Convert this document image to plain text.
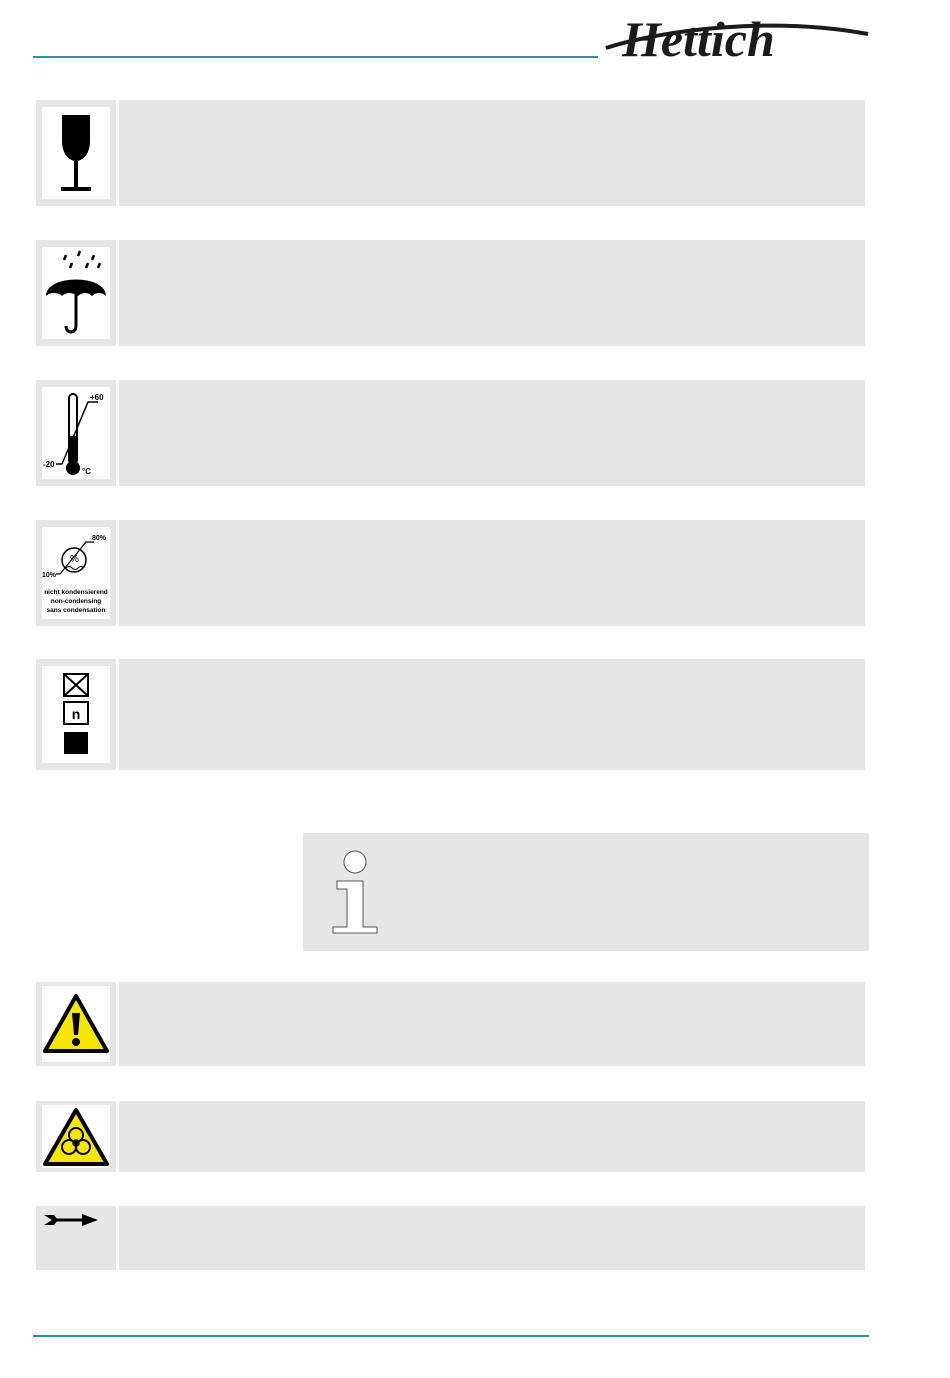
Hettich
+60
-20
°C
%
80%
10%
nicht kondensierend
non-condensing
sans condensation
n
